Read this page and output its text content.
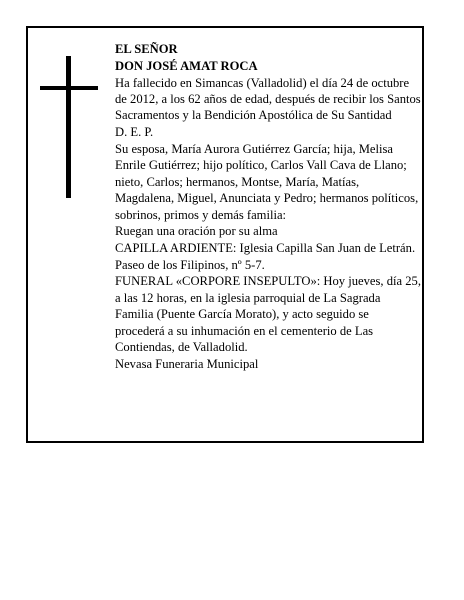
EL SEÑOR

DON JOSÉ AMAT ROCA

Ha fallecido en Simancas (Valladolid) el día 24 de octubre de 2012, a los 62 años de edad, después de recibir los Santos Sacramentos y la Bendición Apostólica de Su Santidad

D. E. P.

Su esposa, María Aurora Gutiérrez García; hija, Melisa Enrile Gutiérrez; hijo político, Carlos Vall Cava de Llano; nieto, Carlos; hermanos, Montse, María, Matías, Magdalena, Miguel, Anunciata y Pedro; hermanos políticos, sobrinos, primos y demás familia:

Ruegan una oración por su alma

CAPILLA ARDIENTE: Iglesia Capilla San Juan de Letrán. Paseo de los Filipinos, nº 5-7.

FUNERAL «CORPORE INSEPULTO»: Hoy jueves, día 25, a las 12 horas, en la iglesia parroquial de La Sagrada Familia (Puente García Morato), y acto seguido se procederá a su inhumación en el cementerio de Las Contiendas, de Valladolid.

Nevasa Funeraria Municipal
